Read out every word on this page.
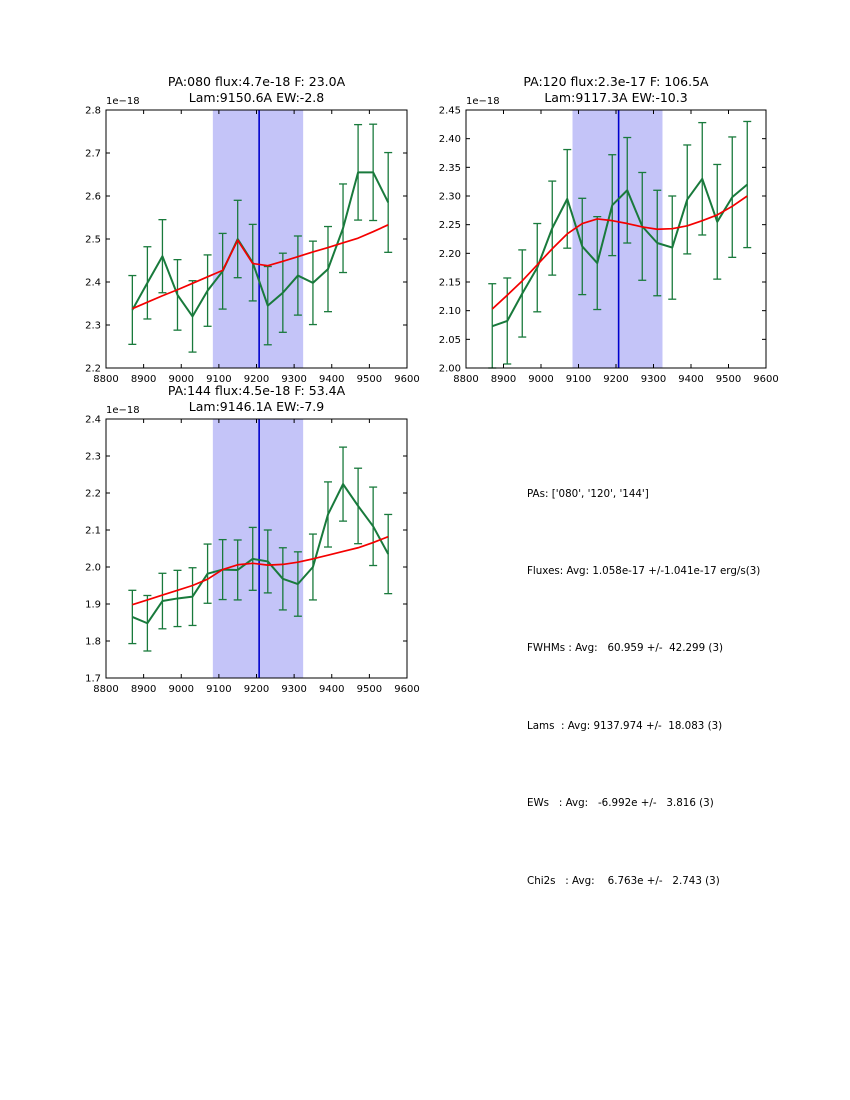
8800 8900 9000 9100 9200 9300 9400 9500 9600
2.2
2.3
2.4
2.5
2.6
2.7
2.8
1e−18
PA:080 flux:4.7e-18 F: 23.0A
Lam:9150.6A EW:-2.8
8800 8900 9000 9100 9200 9300 9400 9500 9600
2.00
2.05
2.10
2.15
2.20
2.25
2.30
2.35
2.40
2.45
1e−18
PA:120 flux:2.3e-17 F: 106.5A
Lam:9117.3A EW:-10.3
8800 8900 9000 9100 9200 9300 9400 9500 9600
1.7
1.8
1.9
2.0
2.1
2.2
2.3
2.4
1e−18
PA:144 flux:4.5e-18 F: 53.4A
Lam:9146.1A EW:-7.9

PAs: ['080', '120', '144']

Fluxes: Avg: 1.058e-17 +/-1.041e-17 erg/s(3)

FWHMs : Avg:   60.959 +/-  42.299 (3)

Lams  : Avg: 9137.974 +/-  18.083 (3)

EWs   : Avg:   -6.992e +/-   3.816 (3)

Chi2s   : Avg:    6.763e +/-   2.743 (3)
